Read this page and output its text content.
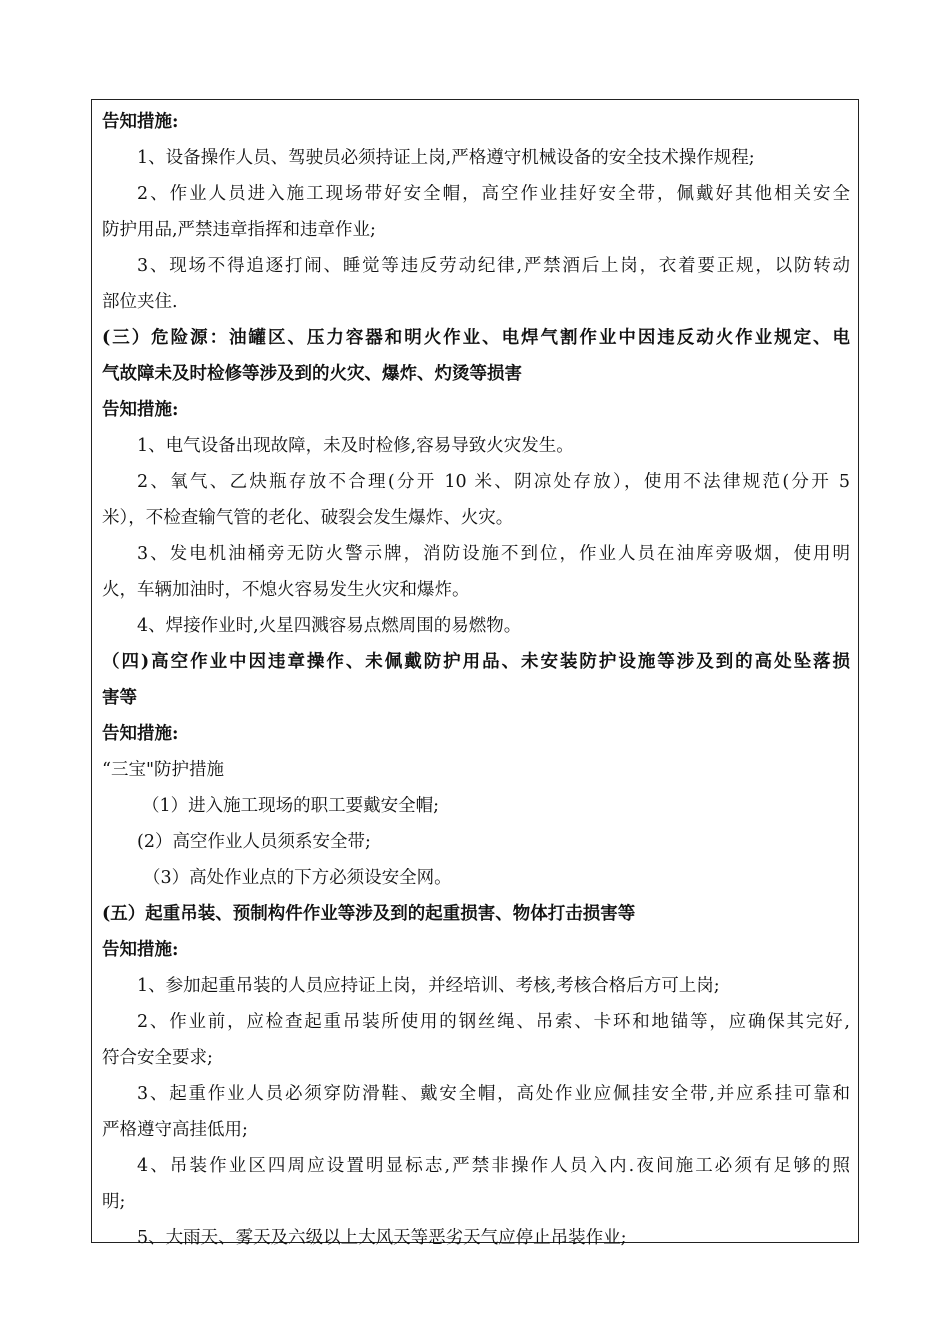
告知措施:
1、设备操作人员、驾驶员必须持证上岗,严格遵守机械设备的安全技术操作规程;
2、作业人员进入施工现场带好安全帽，高空作业挂好安全带，佩戴好其他相关安全
防护用品,严禁违章指挥和违章作业;
3、现场不得追逐打闹、睡觉等违反劳动纪律,严禁酒后上岗，衣着要正规，以防转动
部位夹住.
(三）危险源：油罐区、压力容器和明火作业、电焊气割作业中因违反动火作业规定、电
气故障未及时检修等涉及到的火灾、爆炸、灼烫等损害
告知措施:
1、电气设备出现故障，未及时检修,容易导致火灾发生。
2、氧气、乙炔瓶存放不合理(分开 10 米、阴凉处存放），使用不法律规范(分开 5
米），不检查输气管的老化、破裂会发生爆炸、火灾。
3、发电机油桶旁无防火警示牌，消防设施不到位，作业人员在油库旁吸烟，使用明
火，车辆加油时，不熄火容易发生火灾和爆炸。
4、焊接作业时,火星四溅容易点燃周围的易燃物。
（四)高空作业中因违章操作、未佩戴防护用品、未安装防护设施等涉及到的高处坠落损
害等
告知措施:
“三宝"防护措施
（1）进入施工现场的职工要戴安全帽;
(2）高空作业人员须系安全带;
（3）高处作业点的下方必须设安全网。
(五）起重吊装、预制构件作业等涉及到的起重损害、物体打击损害等
告知措施:
1、参加起重吊装的人员应持证上岗，并经培训、考核,考核合格后方可上岗;
2、作业前，应检查起重吊装所使用的钢丝绳、吊索、卡环和地锚等，应确保其完好,
符合安全要求;
3、起重作业人员必须穿防滑鞋、戴安全帽，高处作业应佩挂安全带,并应系挂可靠和
严格遵守高挂低用;
4、吊装作业区四周应设置明显标志,严禁非操作人员入内.夜间施工必须有足够的照
明;
5、大雨天、雾天及六级以上大风天等恶劣天气应停止吊装作业;
